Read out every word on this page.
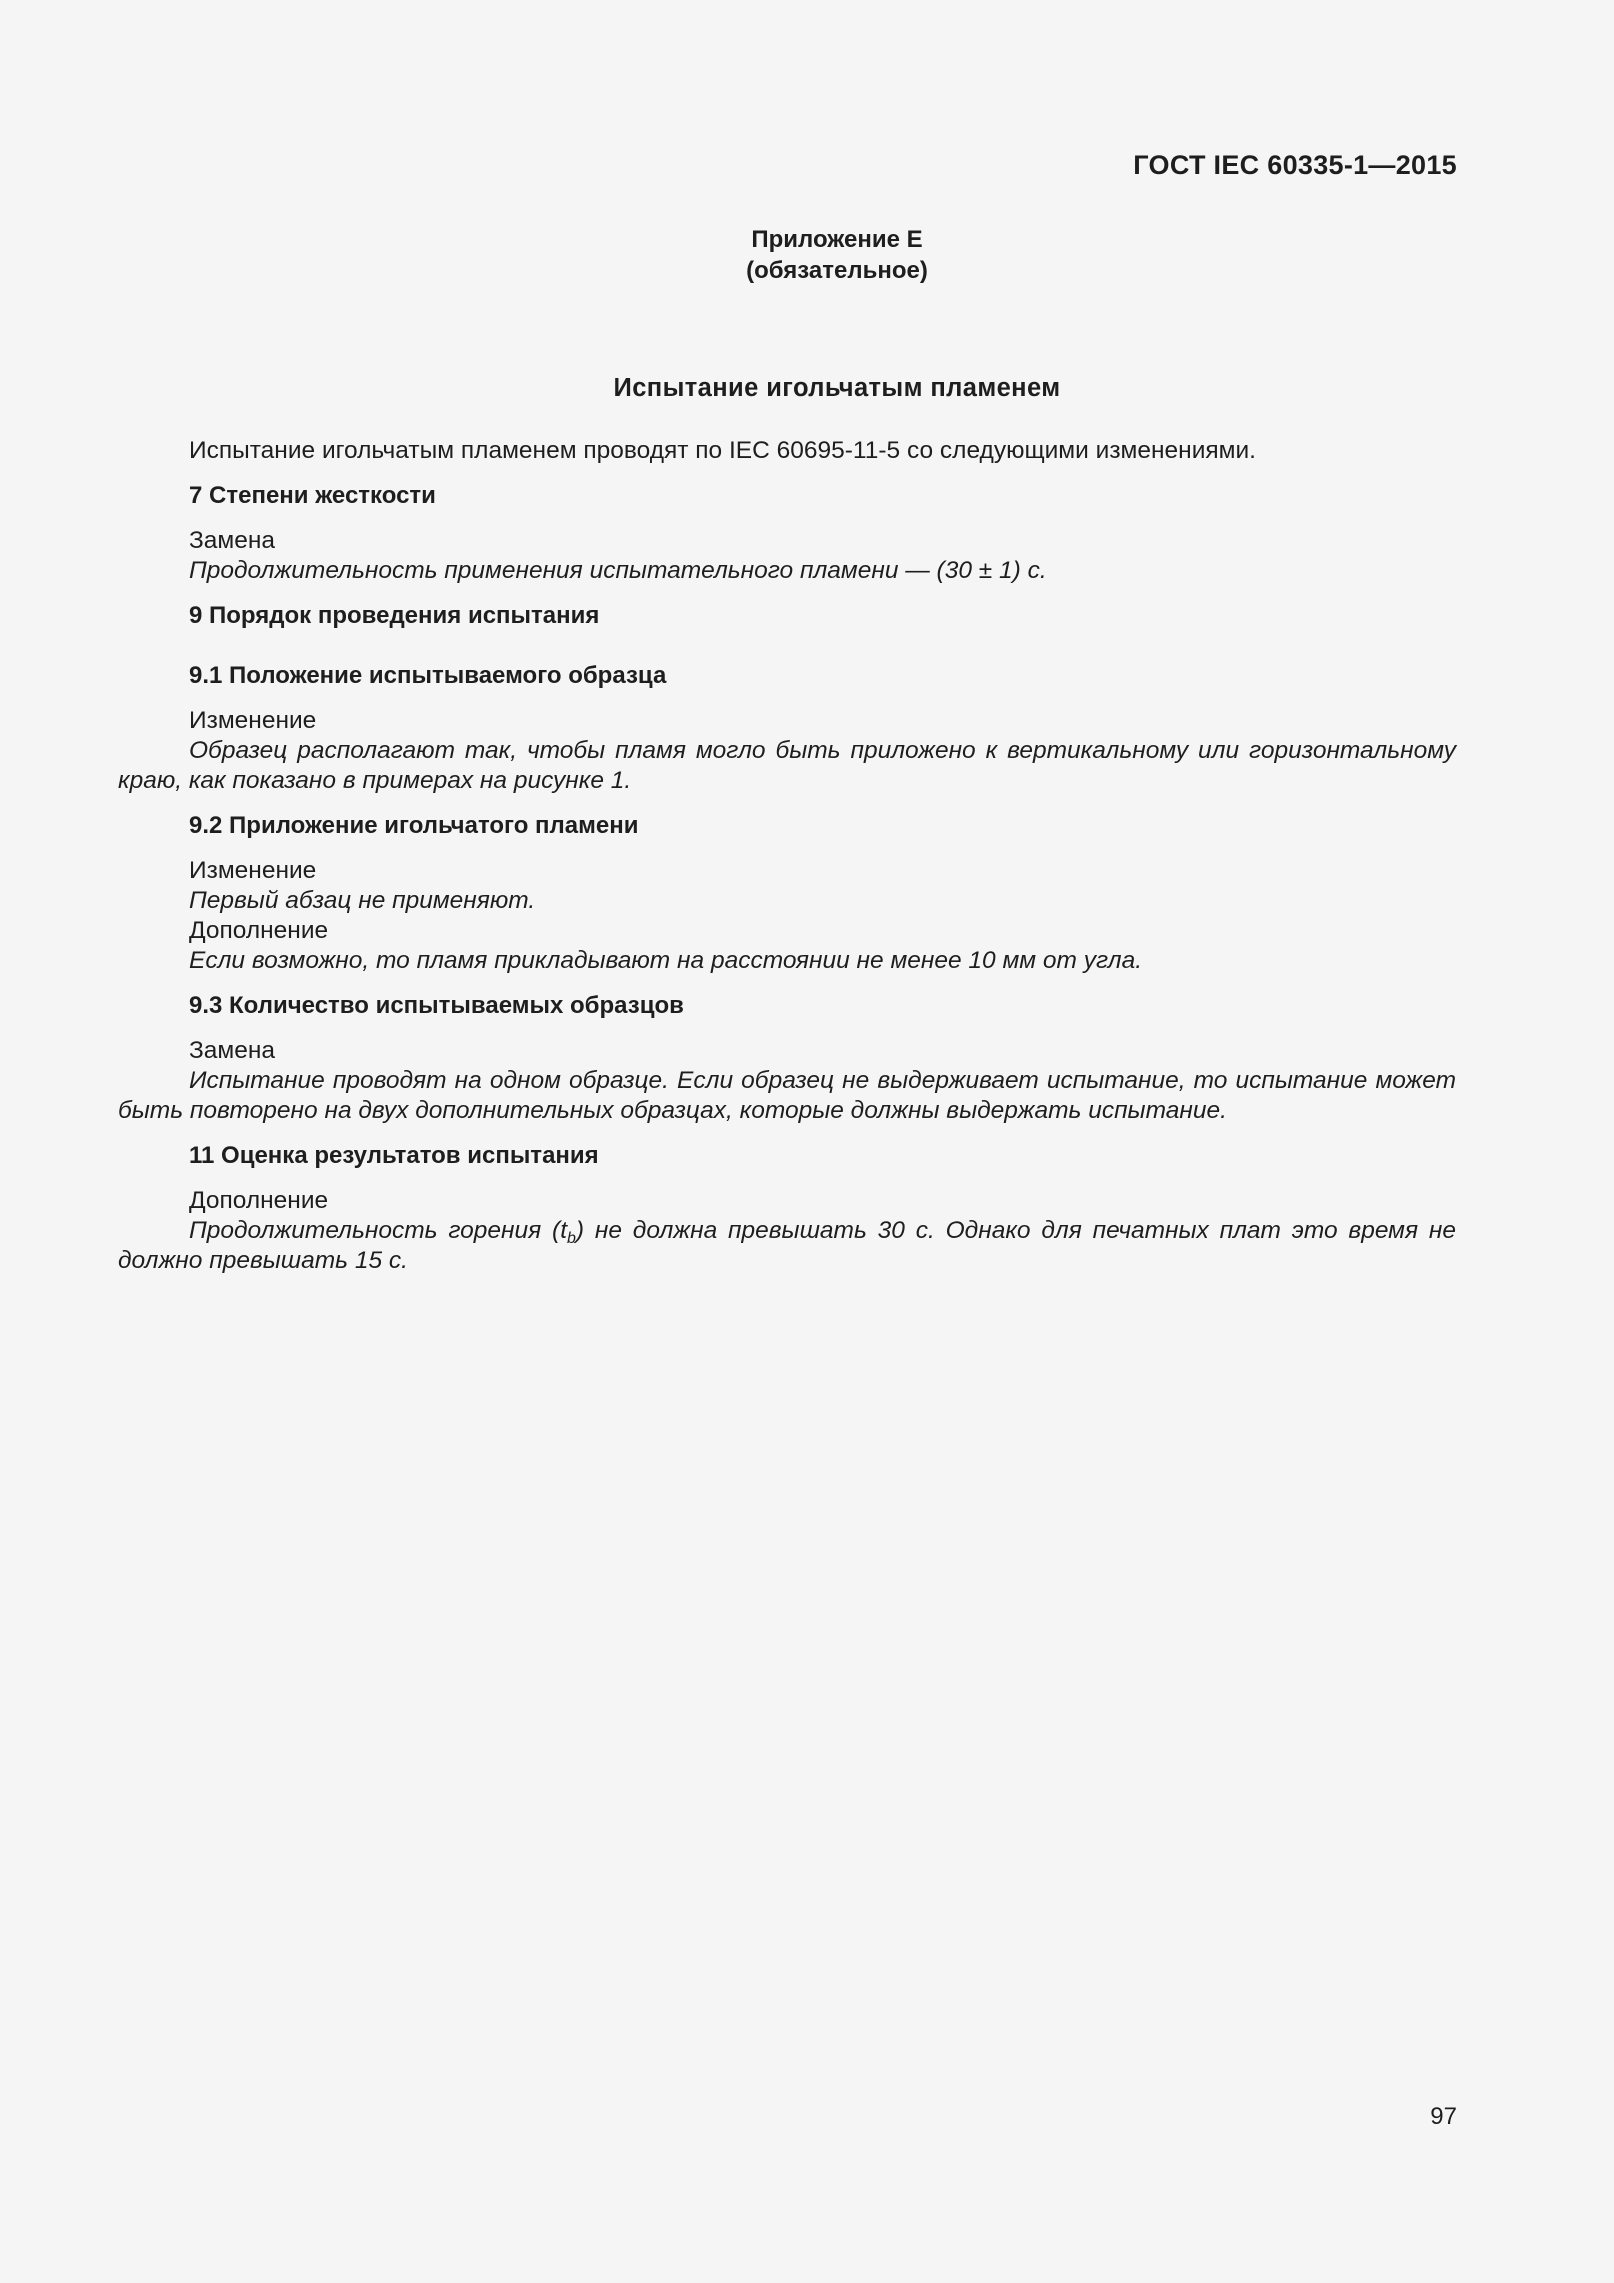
ГОСТ IEC 60335-1—2015
Приложение Е
(обязательное)
Испытание игольчатым пламенем

Испытание игольчатым пламенем проводят по IEC 60695-11-5 со следующими изменениями.

7 Степени жесткости

Замена

Продолжительность применения испытательного пламени — (30 ± 1) с.

9 Порядок проведения испытания

9.1 Положение испытываемого образца

Изменение

Образец располагают так, чтобы пламя могло быть приложено к вертикальному или горизонтальному краю, как показано в примерах на рисунке 1.

9.2 Приложение игольчатого пламени

Изменение

Первый абзац не применяют.

Дополнение

Если возможно, то пламя прикладывают на расстоянии не менее 10 мм от угла.

9.3 Количество испытываемых образцов

Замена

Испытание проводят на одном образце. Если образец не выдерживает испытание, то испытание может быть повторено на двух дополнительных образцах, которые должны выдержать испытание.

11 Оценка результатов испытания

Дополнение

Продолжительность горения $(t_b)$ не должна превышать 30 с. Однако для печатных плат это время не должно превышать 15 с.

97
